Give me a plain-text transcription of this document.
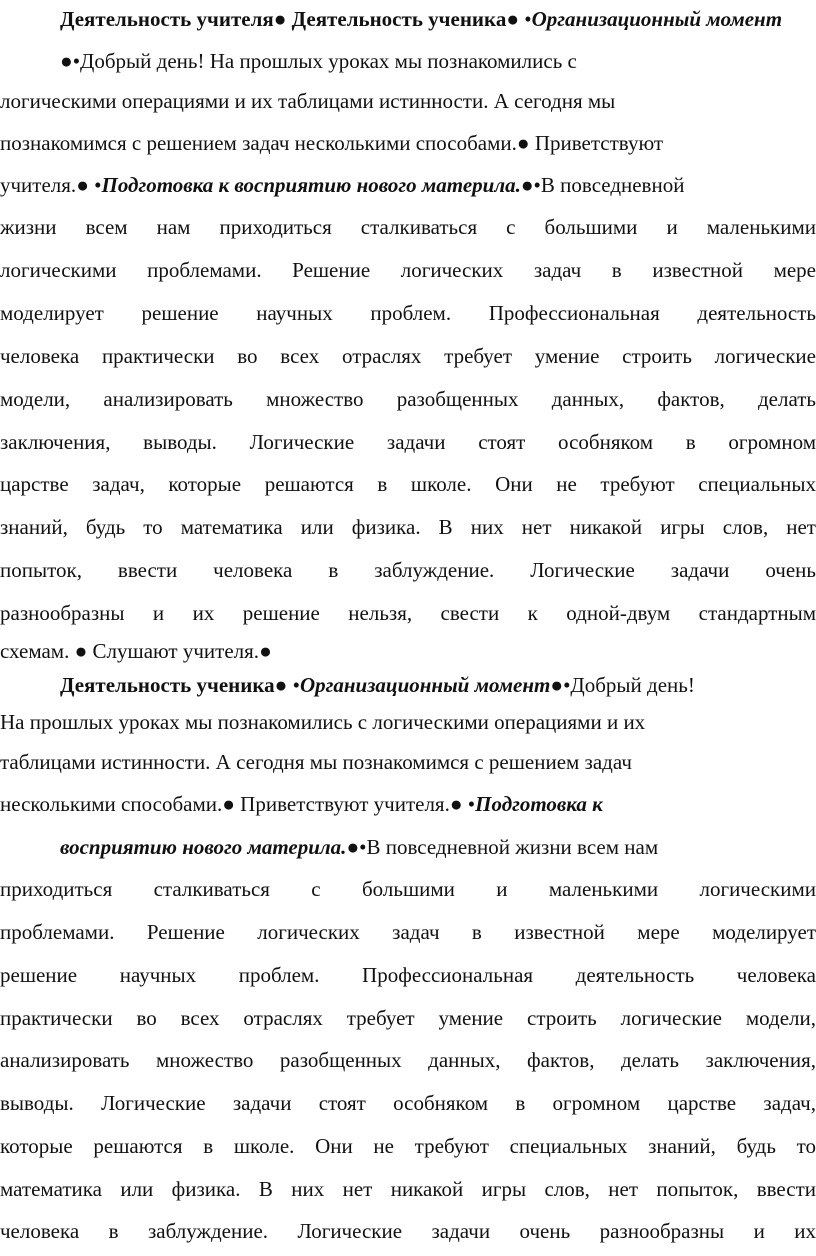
Деятельность учителя● Деятельность ученика● •Организационный момент

●•Добрый день! На прошлых уроках мы познакомились с

логическими операциями и их таблицами истинности. А сегодня мы

познакомимся с решением задач несколькими способами.● Приветствуют

учителя.● •Подготовка к восприятию нового материла.●•В повседневной

жизни всем нам приходиться сталкиваться с большими и маленькими

логическими проблемами. Решение логических задач в известной мере

моделирует решение научных проблем. Профессиональная деятельность

человека практически во всех отраслях требует умение строить логические

модели, анализировать множество разобщенных данных, фактов, делать

заключения, выводы. Логические задачи стоят особняком в огромном

царстве задач, которые решаются в школе. Они не требуют специальных

знаний, будь то математика или физика. В них нет никакой игры слов, нет

попыток, ввести человека в заблуждение. Логические задачи очень

разнообразны и их решение нельзя, свести к одной-двум стандартным

схемам. ● Слушают учителя.●

Деятельность ученика● •Организационный момент●•Добрый день!

На прошлых уроках мы познакомились с логическими операциями и их

таблицами истинности. А сегодня мы познакомимся с решением задач

несколькими способами.● Приветствуют учителя.● •Подготовка к

восприятию нового материла.●•В повседневной жизни всем нам

приходиться сталкиваться с большими и маленькими логическими

проблемами. Решение логических задач в известной мере моделирует

решение научных проблем. Профессиональная деятельность человека

практически во всех отраслях требует умение строить логические модели,

анализировать множество разобщенных данных, фактов, делать заключения,

выводы. Логические задачи стоят особняком в огромном царстве задач,

которые решаются в школе. Они не требуют специальных знаний, будь то

математика или физика. В них нет никакой игры слов, нет попыток, ввести

человека в заблуждение. Логические задачи очень разнообразны и их
